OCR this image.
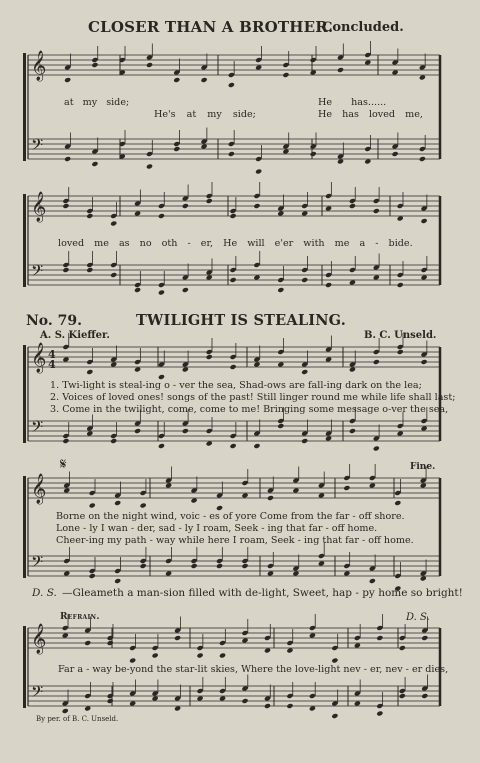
𝄞
𝄢
𝄞
𝄢
𝄞
𝄢
4
4
𝄞
𝄢
𝄞
𝄢
CLOSER THAN A BROTHER.
Concluded.
at my side;	He has......
He's at my side;	He has loved me,
loved me as no oth - er, He will e'er with me a - bide.
No. 79.	TWILIGHT IS STEALING.
A. S. Kieffer.	B. C. Unseld.
1. Twi-light is steal-ing o - ver the sea, Shad-ows are fall-ing dark on the lea;
2. Voices of loved ones! songs of the past! Still linger round me while life shall last;
3. Come in the twilight, come, come to me! Bringing some message o-ver the sea,
𝄋	Fine.
Borne on the night wind, voic - es of yore Come from the far - off shore.
Lone - ly I wan - der, sad - ly I roam, Seek - ing that far - off home.
Cheer-ing my path - way while here I roam, Seek - ing that far - off home.
D. S. —Gleameth a man-sion filled with de-light, Sweet, hap - py home so bright!
Refrain.	D. S.
Far a - way be-yond the star-lit skies, Where the love-light nev - er, nev - er dies,
By per. of B. C. Unseld.
